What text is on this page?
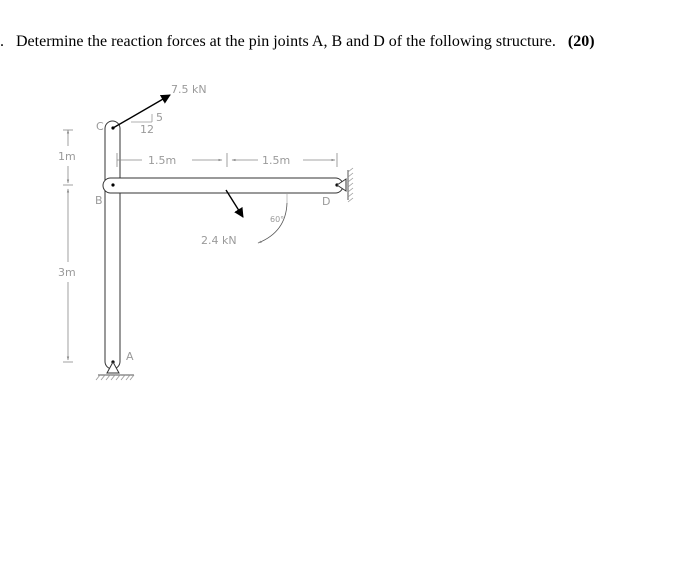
. Determine the reaction forces at the pin joints A, B and D of the following structure. (20)
7.5 kN
5
12
2.4 kN
60°
C
B	D
A
1.5m	1.5m
1m
3m
